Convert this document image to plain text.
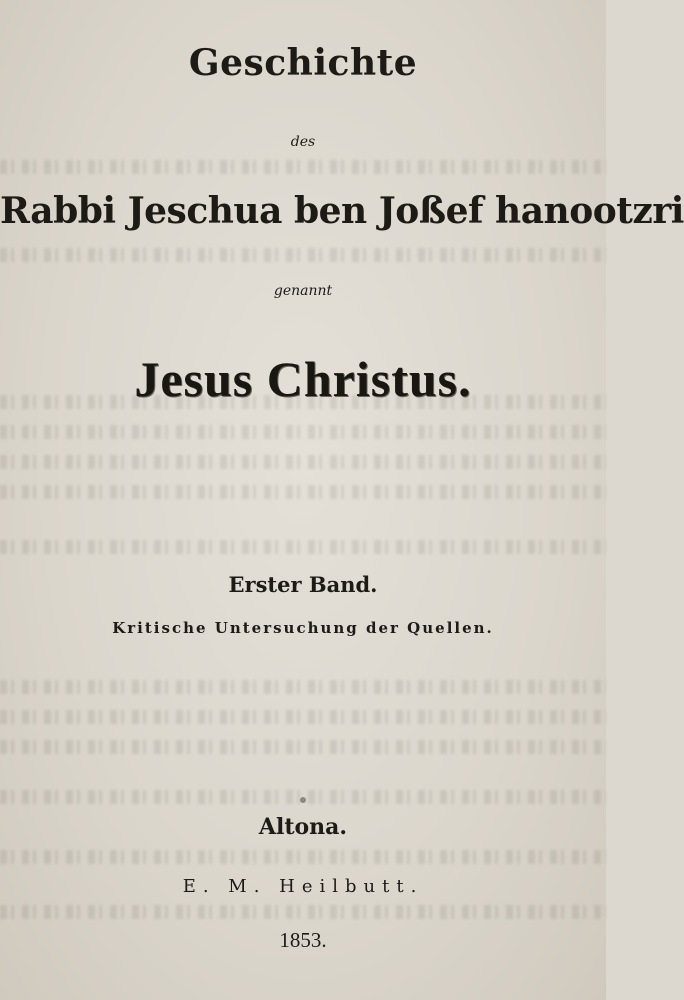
Geschichte
des
Rabbi Jeschua ben Joßef hanootzri
genannt
Jesus Christus.
Erster Band.
Kritische Untersuchung der Quellen.
Altona.
E. M. Heilbutt.
1853.
